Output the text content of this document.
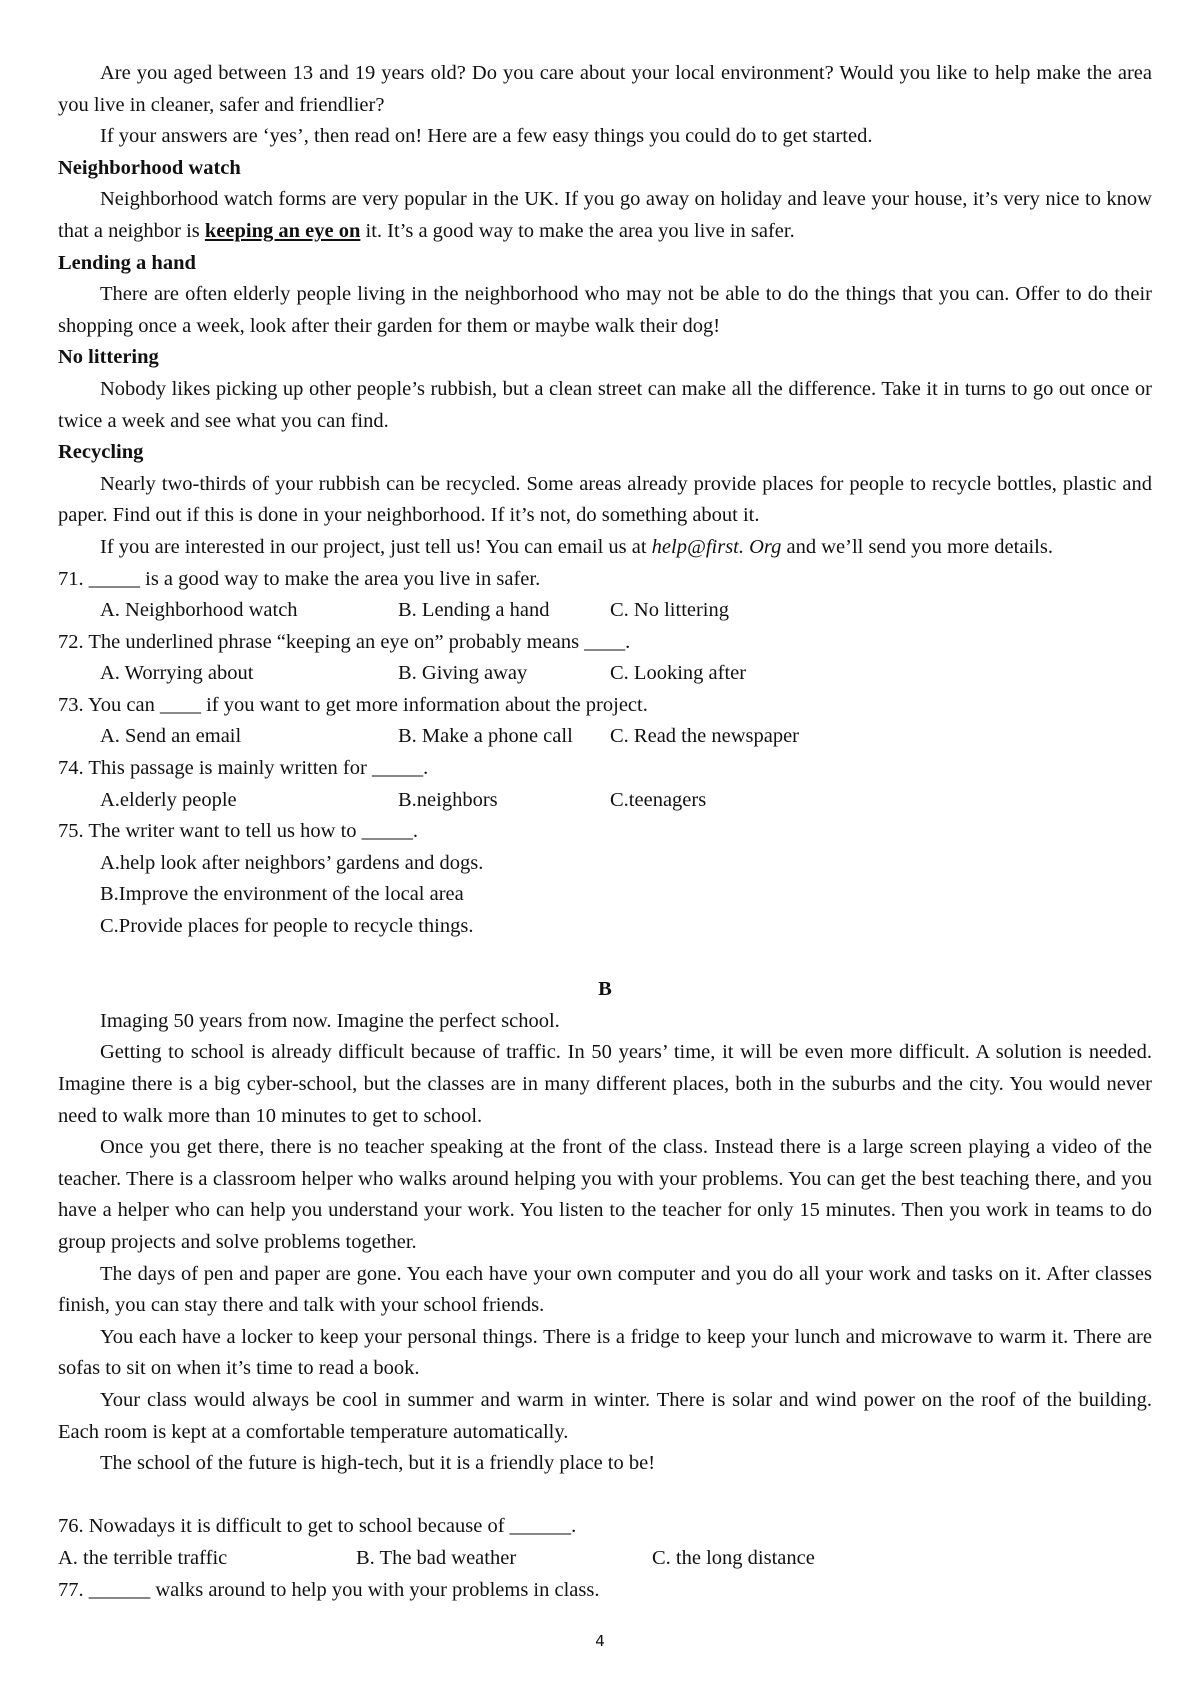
Are you aged between 13 and 19 years old? Do you care about your local environment? Would you like to help make the area you live in cleaner, safer and friendlier?

If your answers are ‘yes’, then read on! Here are a few easy things you could do to get started.

Neighborhood watch

Neighborhood watch forms are very popular in the UK. If you go away on holiday and leave your house, it’s very nice to know that a neighbor is keeping an eye on it. It’s a good way to make the area you live in safer.

Lending a hand

There are often elderly people living in the neighborhood who may not be able to do the things that you can. Offer to do their shopping once a week, look after their garden for them or maybe walk their dog!

No littering

Nobody likes picking up other people’s rubbish, but a clean street can make all the difference. Take it in turns to go out once or twice a week and see what you can find.

Recycling

Nearly two-thirds of your rubbish can be recycled. Some areas already provide places for people to recycle bottles, plastic and paper. Find out if this is done in your neighborhood. If it’s not, do something about it.

If you are interested in our project, just tell us! You can email us at help@first. Org and we’ll send you more details.

71. _____ is a good way to make the area you live in safer.

A. Neighborhood watch	B. Lending a hand	C. No littering

72. The underlined phrase “keeping an eye on” probably means ____.

A. Worrying about	B. Giving away	C. Looking after

73. You can ____ if you want to get more information about the project.

A. Send an email	B. Make a phone call C. Read the newspaper

74. This passage is mainly written for _____.

A.elderly people	B.neighbors	C.teenagers

75. The writer want to tell us how to _____.

A.help look after neighbors’ gardens and dogs.

B.Improve the environment of the local area

C.Provide places for people to recycle things.

B

Imaging 50 years from now. Imagine the perfect school.

Getting to school is already difficult because of traffic. In 50 years’ time, it will be even more difficult. A solution is needed. Imagine there is a big cyber-school, but the classes are in many different places, both in the suburbs and the city. You would never need to walk more than 10 minutes to get to school.

Once you get there, there is no teacher speaking at the front of the class. Instead there is a large screen playing a video of the teacher. There is a classroom helper who walks around helping you with your problems. You can get the best teaching there, and you have a helper who can help you understand your work. You listen to the teacher for only 15 minutes. Then you work in teams to do group projects and solve problems together.

The days of pen and paper are gone. You each have your own computer and you do all your work and tasks on it. After classes finish, you can stay there and talk with your school friends.

You each have a locker to keep your personal things. There is a fridge to keep your lunch and microwave to warm it. There are sofas to sit on when it’s time to read a book.

Your class would always be cool in summer and warm in winter. There is solar and wind power on the roof of the building. Each room is kept at a comfortable temperature automatically.

The school of the future is high-tech, but it is a friendly place to be!

76. Nowadays it is difficult to get to school because of ______.

A. the terrible traffic	B. The bad weather	C. the long distance

77. ______ walks around to help you with your problems in class.

4
